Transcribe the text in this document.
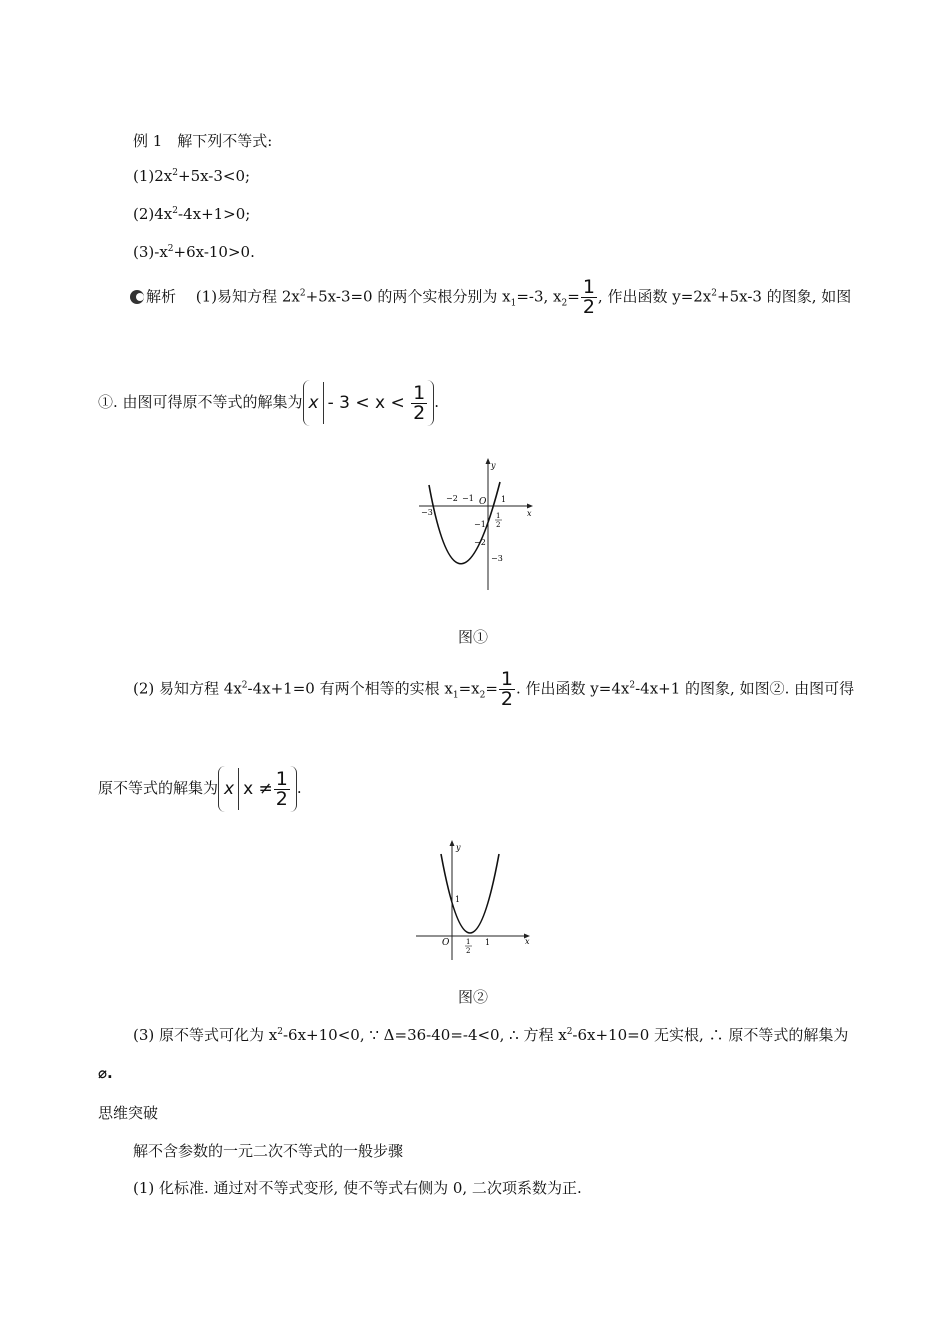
例 1　解下列不等式:
$(1)2x^2+5x-3<0$;
$(2)4x^2-4x+1>0$;
$(3)-x^2+6x-10>0$.
解析　 (1)易知方程 $2x^2+5x-3=0$ 的两个实根分别为 $x_1=-3$, $x_2= \frac{1}{2}$ , 作出函数 $y=2x^2+5x-3$ 的图象, 如图
①. 由图可得原不等式的解集为 $x - 3 < x < \frac{1}{2}$ .
y
x
O
−3
−2 −1	1
−1
−2
−3
1
2
图①
(2) 易知方程 $4x^2-4x+1=0$ 有两个相等的实根 $x_1=x_2= \frac{1}{2}$ . 作出函数 $y=4x^2-4x+1$ 的图象, 如图②. 由图可得
原不等式的解集为 x $x \ne \frac{1}{2}$ .
y
x
O
1
1
1
2
图②
(3) 原不等式可化为 $x^2-6x+10<0$, ∵ Δ=36-40=-4<0, ∴ 方程 $x^2-6x+10=0$ 无实根, ∴ 原不等式的解集为
⌀.
思维突破
解不含参数的一元二次不等式的一般步骤
(1) 化标准. 通过对不等式变形, 使不等式右侧为 0, 二次项系数为正.
